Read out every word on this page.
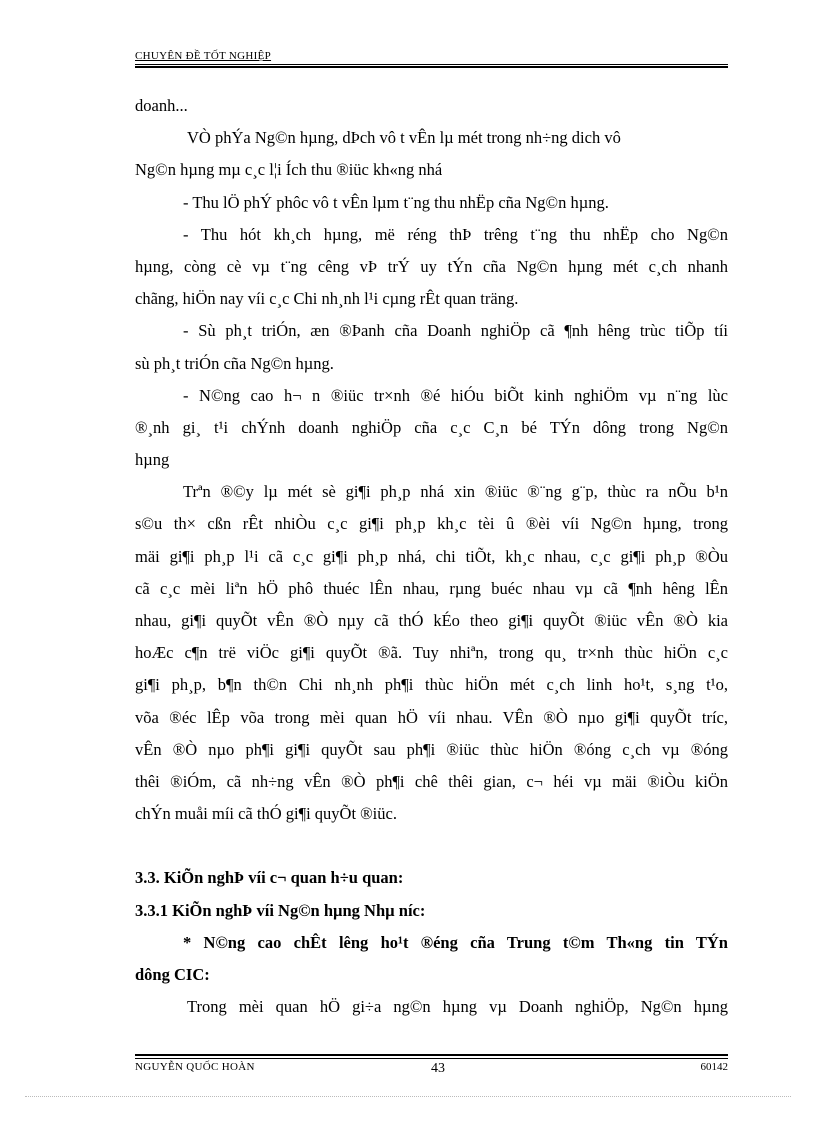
CHUYÊN ĐỀ TỐT NGHIỆP
doanh...
VÒ phÝa Ng©n hµng, dÞch vô t vÊn lµ mét trong nh÷ng dich vô
Ng©n hµng mµ c¸c l¦i Ích thu ®iüc kh«ng nhá
- Thu lÖ phÝ phôc vô t vÊn lµm t¨ng thu nhËp cña Ng©n hµng.
- Thu hót kh¸ch hµng, më réng thÞ trêng t¨ng thu nhËp cho Ng©n
hµng, còng cè vµ t¨ng cêng vÞ trÝ uy tÝn cña Ng©n hµng mét c¸ch nhanh
chãng, hiÖn nay víi c¸c Chi nh¸nh l¹i cµng rÊt quan träng.
- Sù ph¸t triÓn, æn ®Þanh cña Doanh nghiÖp cã ¶nh hêng trùc tiÕp tíi
sù ph¸t triÓn cña Ng©n hµng.
- N©ng cao h¬ n ®iüc tr×nh ®é hiÓu biÕt kinh nghiÖm vµ n¨ng lùc
®¸nh gi¸ t¹i chÝnh doanh nghiÖp cña c¸c C¸n bé TÝn dông trong Ng©n
hµng
Trªn ®©y lµ mét sè gi¶i ph¸p nhá xin ®iüc ®¨ng g¨p, thùc ra nÕu b¹n
s©u th× cßn rÊt nhiÒu c¸c gi¶i ph¸p kh¸c tèi û ®èi víi Ng©n hµng, trong
mäi gi¶i ph¸p l¹i cã c¸c gi¶i ph¸p nhá, chi tiÕt, kh¸c nhau, c¸c gi¶i ph¸p ®Òu
cã c¸c mèi liªn hÖ phô thuéc lÊn nhau, rµng buéc nhau vµ cã ¶nh hêng lÊn
nhau, gi¶i quyÕt vÊn ®Ò nµy cã thÓ kÉo theo gi¶i quyÕt ®iüc vÊn ®Ò kia
hoÆc c¶n trë viÖc gi¶i quyÕt ®ã. Tuy nhiªn, trong qu¸ tr×nh thùc hiÖn c¸c
gi¶i ph¸p, b¶n th©n Chi nh¸nh ph¶i thùc hiÖn mét c¸ch linh ho¹t, s¸ng t¹o,
võa ®éc lÊp võa trong mèi quan hÖ víi nhau. VÊn ®Ò nµo gi¶i quyÕt tríc,
vÊn ®Ò nµo ph¶i gi¶i quyÕt sau ph¶i ®iüc thùc hiÖn ®óng c¸ch vµ ®óng
thêi ®iÓm, cã nh÷ng vÊn ®Ò ph¶i chê thêi gian, c¬ héi vµ mäi ®iÒu kiÖn
chÝn muåi míi cã thÓ gi¶i quyÕt ®iüc.
3.3. KiÕn nghÞ víi c¬ quan h÷u quan:
3.3.1 KiÕn nghÞ víi Ng©n hµng Nhµ níc:
* N©ng cao chÊt lêng ho¹t ®éng cña Trung t©m Th«ng tin TÝn
dông CIC:
Trong mèi quan hÖ gi÷a ng©n hµng vµ Doanh nghiÖp, Ng©n hµng
NGUYỄN QUỐC HOÀN	43	60142
